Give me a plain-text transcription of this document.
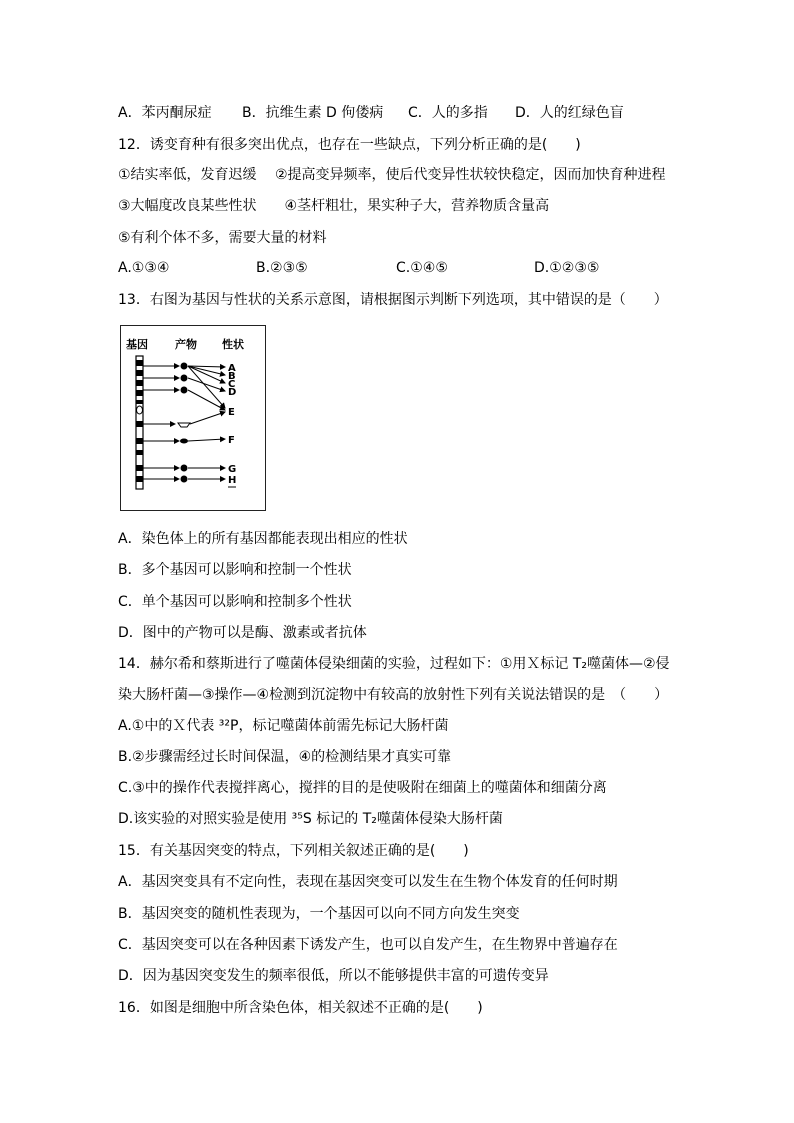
A．苯丙酮尿症 B．抗维生素 D 佝偻病 C．人的多指 D．人的红绿色盲
12．诱变育种有很多突出优点，也存在一些缺点，下列分析正确的是(　　)
①结实率低，发育迟缓　 ②提高变异频率，使后代变异性状较快稳定，因而加快育种进程
③大幅度改良某些性状　　④茎杆粗壮，果实种子大，营养物质含量高
⑤有利个体不多，需要大量的材料
A.①③④	B.②③⑤	C.①④⑤	D.①②③⑤
13．右图为基因与性状的关系示意图，请根据图示判断下列选项，其中错误的是（　　）
基因 产物 性状
A
B
C
D
E
F
G
H
A．染色体上的所有基因都能表现出相应的性状
B．多个基因可以影响和控制一个性状
C．单个基因可以影响和控制多个性状
D．图中的产物可以是酶、激素或者抗体
14．赫尔希和蔡斯进行了噬菌体侵染细菌的实验，过程如下：①用Ｘ标记 T₂噬菌体—②侵
染大肠杆菌—③操作—④检测到沉淀物中有较高的放射性下列有关说法错误的是　（　　）
A.①中的Ｘ代表 ³²P，标记噬菌体前需先标记大肠杆菌
B.②步骤需经过长时间保温，④的检测结果才真实可靠
C.③中的操作代表搅拌离心，搅拌的目的是使吸附在细菌上的噬菌体和细菌分离
D.该实验的对照实验是使用 ³⁵S 标记的 T₂噬菌体侵染大肠杆菌
15．有关基因突变的特点，下列相关叙述正确的是(　　)
A．基因突变具有不定向性，表现在基因突变可以发生在生物个体发育的任何时期
B．基因突变的随机性表现为，一个基因可以向不同方向发生突变
C．基因突变可以在各种因素下诱发产生，也可以自发产生，在生物界中普遍存在
D．因为基因突变发生的频率很低，所以不能够提供丰富的可遗传变异
16．如图是细胞中所含染色体，相关叙述不正确的是(　　)
